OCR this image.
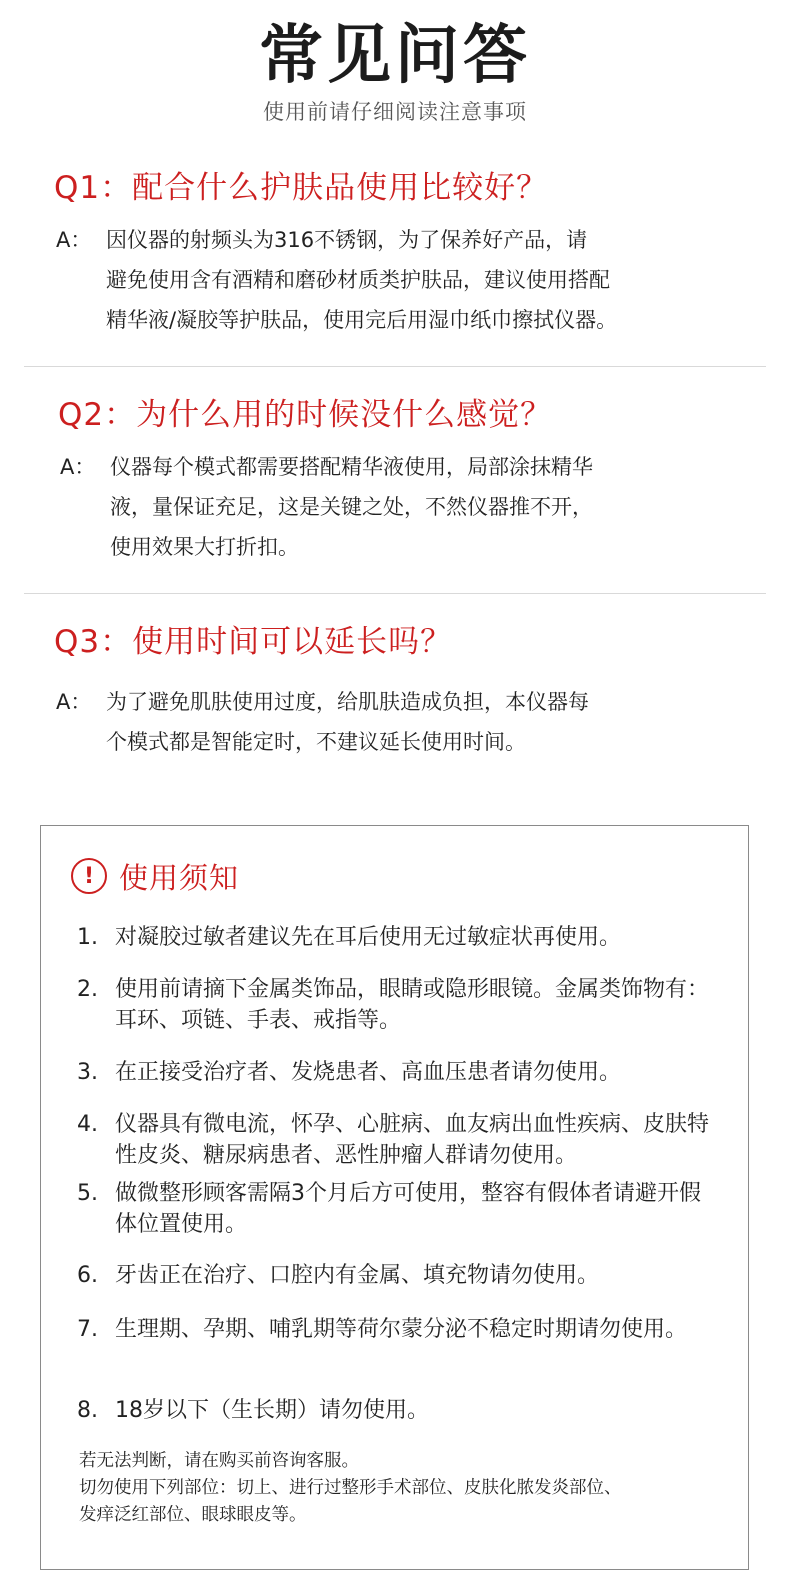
常见问答
使用前请仔细阅读注意事项
Q1：配合什么护肤品使用比较好？
A： 因仪器的射频头为316不锈钢，为了保养好产品，请
避免使用含有酒精和磨砂材质类护肤品，建议使用搭配
精华液/凝胶等护肤品，使用完后用湿巾纸巾擦拭仪器。
Q2：为什么用的时候没什么感觉？
A： 仪器每个模式都需要搭配精华液使用，局部涂抹精华
液，量保证充足，这是关键之处，不然仪器推不开，
使用效果大打折扣。
Q3：使用时间可以延长吗？
A： 为了避免肌肤使用过度，给肌肤造成负担，本仪器每
个模式都是智能定时，不建议延长使用时间。
! 使用须知
1. 对凝胶过敏者建议先在耳后使用无过敏症状再使用。
2. 使用前请摘下金属类饰品，眼睛或隐形眼镜。金属类饰物有：耳环、项链、手表、戒指等。
3. 在正接受治疗者、发烧患者、高血压患者请勿使用。
4. 仪器具有微电流，怀孕、心脏病、血友病出血性疾病、皮肤特性皮炎、糖尿病患者、恶性肿瘤人群请勿使用。
5. 做微整形顾客需隔3个月后方可使用，整容有假体者请避开假体位置使用。
6. 牙齿正在治疗、口腔内有金属、填充物请勿使用。
7. 生理期、孕期、哺乳期等荷尔蒙分泌不稳定时期请勿使用。
8. 18岁以下（生长期）请勿使用。
若无法判断，请在购买前咨询客服。
切勿使用下列部位：切上、进行过整形手术部位、皮肤化脓发炎部位、
发痒泛红部位、眼球眼皮等。
